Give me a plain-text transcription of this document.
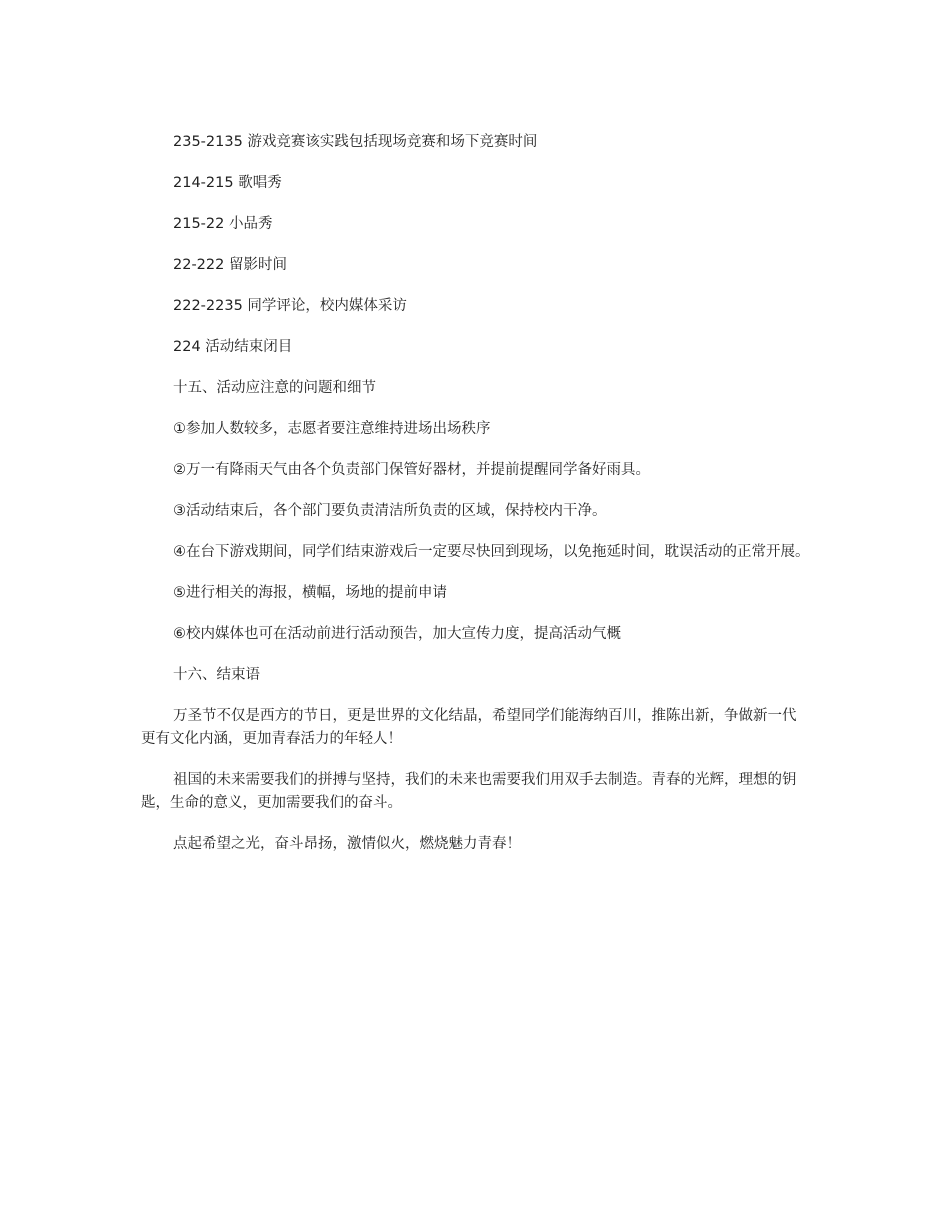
235-2135 游戏竞赛该实践包括现场竞赛和场下竞赛时间

214-215 歌唱秀

215-22 小品秀

22-222 留影时间

222-2235 同学评论，校内媒体采访

224 活动结束闭目

十五、活动应注意的问题和细节

①参加人数较多，志愿者要注意维持进场出场秩序

②万一有降雨天气由各个负责部门保管好器材，并提前提醒同学备好雨具。

③活动结束后，各个部门要负责清洁所负责的区域，保持校内干净。

④在台下游戏期间，同学们结束游戏后一定要尽快回到现场，以免拖延时间，耽误活动的正常开展。

⑤进行相关的海报，横幅，场地的提前申请

⑥校内媒体也可在活动前进行活动预告，加大宣传力度，提高活动气概

十六、结束语

万圣节不仅是西方的节日，更是世界的文化结晶，希望同学们能海纳百川，推陈出新，争做新一代更有文化内涵，更加青春活力的年轻人！

祖国的未来需要我们的拼搏与坚持，我们的未来也需要我们用双手去制造。青春的光辉，理想的钥匙，生命的意义，更加需要我们的奋斗。

点起希望之光，奋斗昂扬，激情似火，燃烧魅力青春！
